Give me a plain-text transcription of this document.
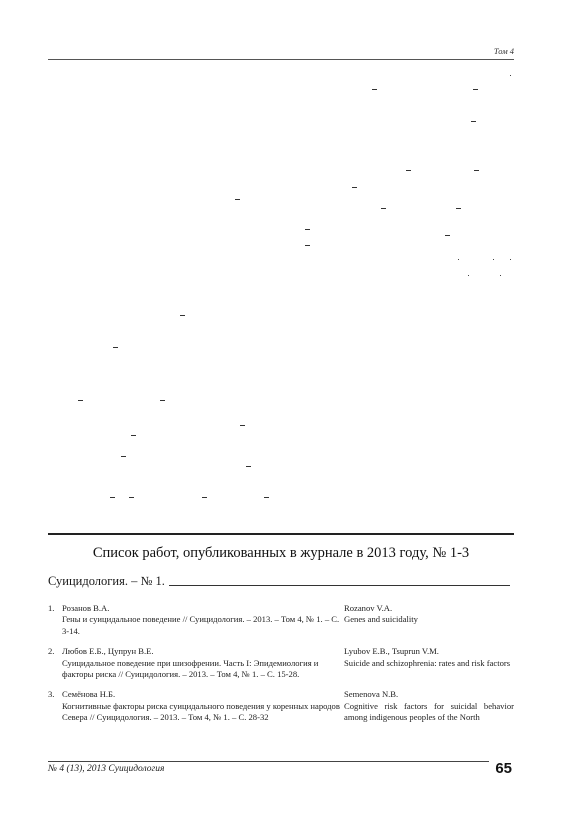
Том 4
Список работ, опубликованных в журнале в 2013 году, № 1-3
Суицидология. – № 1.
1. Розанов В.А.
Гены и суицидальное поведение // Суицидология. – 2013. – Том 4, № 1. – С. 3-14.
Rozanov V.A.
Genes and suicidality
2. Любов Е.Б., Цупрун В.Е.
Суицидальное поведение при шизофрении. Часть I: Эпидемиология и факторы риска // Суицидология. – 2013. – Том 4, № 1. – С. 15-28.
Lyubov E.B., Tsuprun V.M.
Suicide and schizophrenia: rates and risk factors
3. Семёнова Н.Б.
Когнитивные факторы риска суицидального поведения у коренных народов Севера // Суицидология. – 2013. – Том 4, № 1. – С. 28-32
Semenova N.B.
Cognitive risk factors for suicidal behavior among indigenous peoples of the North
№ 4 (13), 2013 Суицидология	65
